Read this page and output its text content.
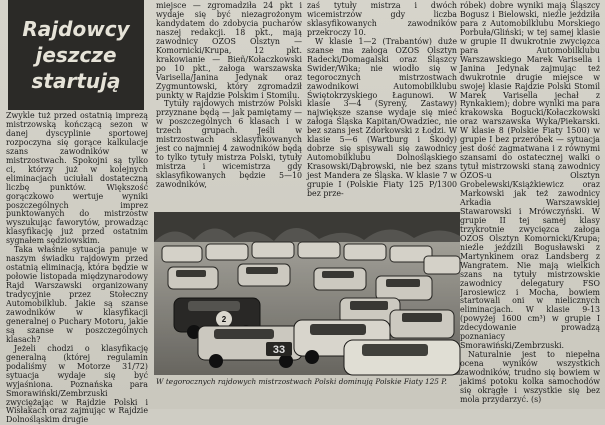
Rajdowcy
jeszcze
startują

Zwykle tuż przed ostatnią imprezą mistrzowską kończącą sezon w danej dyscyplinie sportowej rozpoczyna się gorące kalkulacje szans zawodników w mistrzostwach. Spokojni są tylko ci, którzy już w kolejnych eliminacjach uciułali dostateczną liczbę punktów. Większość gorączkowo wertuje wyniki poszczególnych imprez punktowanych do mistrzostw wyszukując faworytów, prowadząc klasyfikację już przed ostatnim sygnałem sędziowskim.

Taka właśnie sytuacja panuje w naszym świadku rajdowym przed ostatnią eliminacją, która będzie w połowie listopada międzynarodowy Rajd Warszawski organizowany tradycyjnie przez Stołeczny Automobilklub. Jakie są szanse zawodników w klasyfikacji generalnej o Puchary Motoru, jakie są szanse w poszczególnych klasach?

Jeżeli chodzi o klasyfikację generalną (której regulamin podaliśmy w Motorze 31/72) sytuacja wydaje się być wyjaśniona. Poznańska para Smorawiński/Zembrzuski zwyciężając w Rajdzie Polski i Wisłakach oraz zajmując w Rajdzie Dolnośląskim drugie

miejsce — zgromadziła 24 pkt i wydaje się być niezagrożonym kandydatem do zdobycia pucharów naszej redakcji. 18 pkt., mają zawodnicy OZOS Olsztyn — Komornicki/Krupa, 12 pkt. krakowianie — Bieñ/Kołaczkowski po 10 pkt., załoga warszawska Varisella/Janina Jedynak oraz Zygmuntowski, który zgromadził punkty w Rajdzie Polskim i Stomilu.

Tytuły rajdowych mistrzów Polski przyznane będą — jak pamiętamy — w poszczególnych 6 klasach i w trzech grupach. Jeśli w mistrzostwach sklasyfikowanych jest co najmniej 4 zawodników będą to tylko tytuły mistrza Polski, tytuły mistrza i wicemistrza gdy sklasyfikowanych będzie 5—10 zawodników,

zaś tytuły mistrza i dwóch wicemistrzów gdy liczba sklasyfikowanych zawodników przekroczy 10.

W klasie 1—2 (Trabantów) duże szanse ma załoga OZOS Olsztyn Radecki/Domagalski oraz Śląszcy Świder/Wika; nie wiodło się w tegorocznych mistrzostwach zawodnikowi Automobilklubu Świętokrzyskiego Łagunowi. W klasie 3—4 (Syreny, Zastawy) największe szanse wydaje się mieć załoga Śląska Kapitan/Owadziec, nie bez szans jest Zdorkowski z Łodzi. W klasie 5—6 (Wartburg i Škody) dobrze się spisywali się zawodnicy Automobilklubu Dolnośląskiego Krasowski/Dąbrowski, nie bez szans jest Mandera ze Śląska. W klasie 7 w grupie I (Polskie Fiaty 125 P/1300 bez prze-

róbek) dobre wyniki mają Śląszcy Bogusz i Bielowski, nieźle jeździła para z Automobilklubu Morskiego Porbuła/Gliński; w tej samej klasie w grupie II dwukrotnie zwycięzca para Automobilklubu Warszawskiego Marek Varisella i Janina Jedynak zajmując też dwukrotnie drugie miejsce w swojej klasie Rajdzie Polski Stomil Marek Varisella jechał z Rynkakiem); dobre wyniki ma para krakowska Bogucki/Kołaczkowski oraz warszawska Wyka/Piekarski. W klasie 8 (Polskie Fiaty 1500) w grupie I bez przeróbek — sytuacja jest dość zagmatwana i z równymi szansami do ostatecznej walki o tytuł mistrzowski staną zawodnicy OZOS-u Olsztyn Grobelewski/Książkiewicz oraz Markowski jak też zawodnicy Arkadia Warszawskiej Stawarowski i Mrówczyński. W grupie II tej samej klasy trzykrotnie zwycięzca załoga OZOS Olsztyn Komornicki/Krupa; nieźle jeździli Bogusławski z Martynkinem oraz Landsberg z Wangratem. Nie mają wielkich szans na tytuły mistrzowskie zawodnicy delegatury FSO Jarosiewicz i Mocha, bowiem startowali oni w nielicznych eliminacjach. W klasie 9-13 (powyżej 1600 cm³) w grupie I zdecydowanie prowadzą poznaniacy Smorawiński/Zembrzuski.

Naturalnie jest to niepełna ocena wyników wszystkich zawodników, trudno się bowiem w jakimś potoku kolka samochodów się okrągłe i wszystkie się bez mola przydarzyć. (s)

2
33
W tegorocznych rajdowych mistrzostwach Polski dominują Polskie Fiaty 125 P.
